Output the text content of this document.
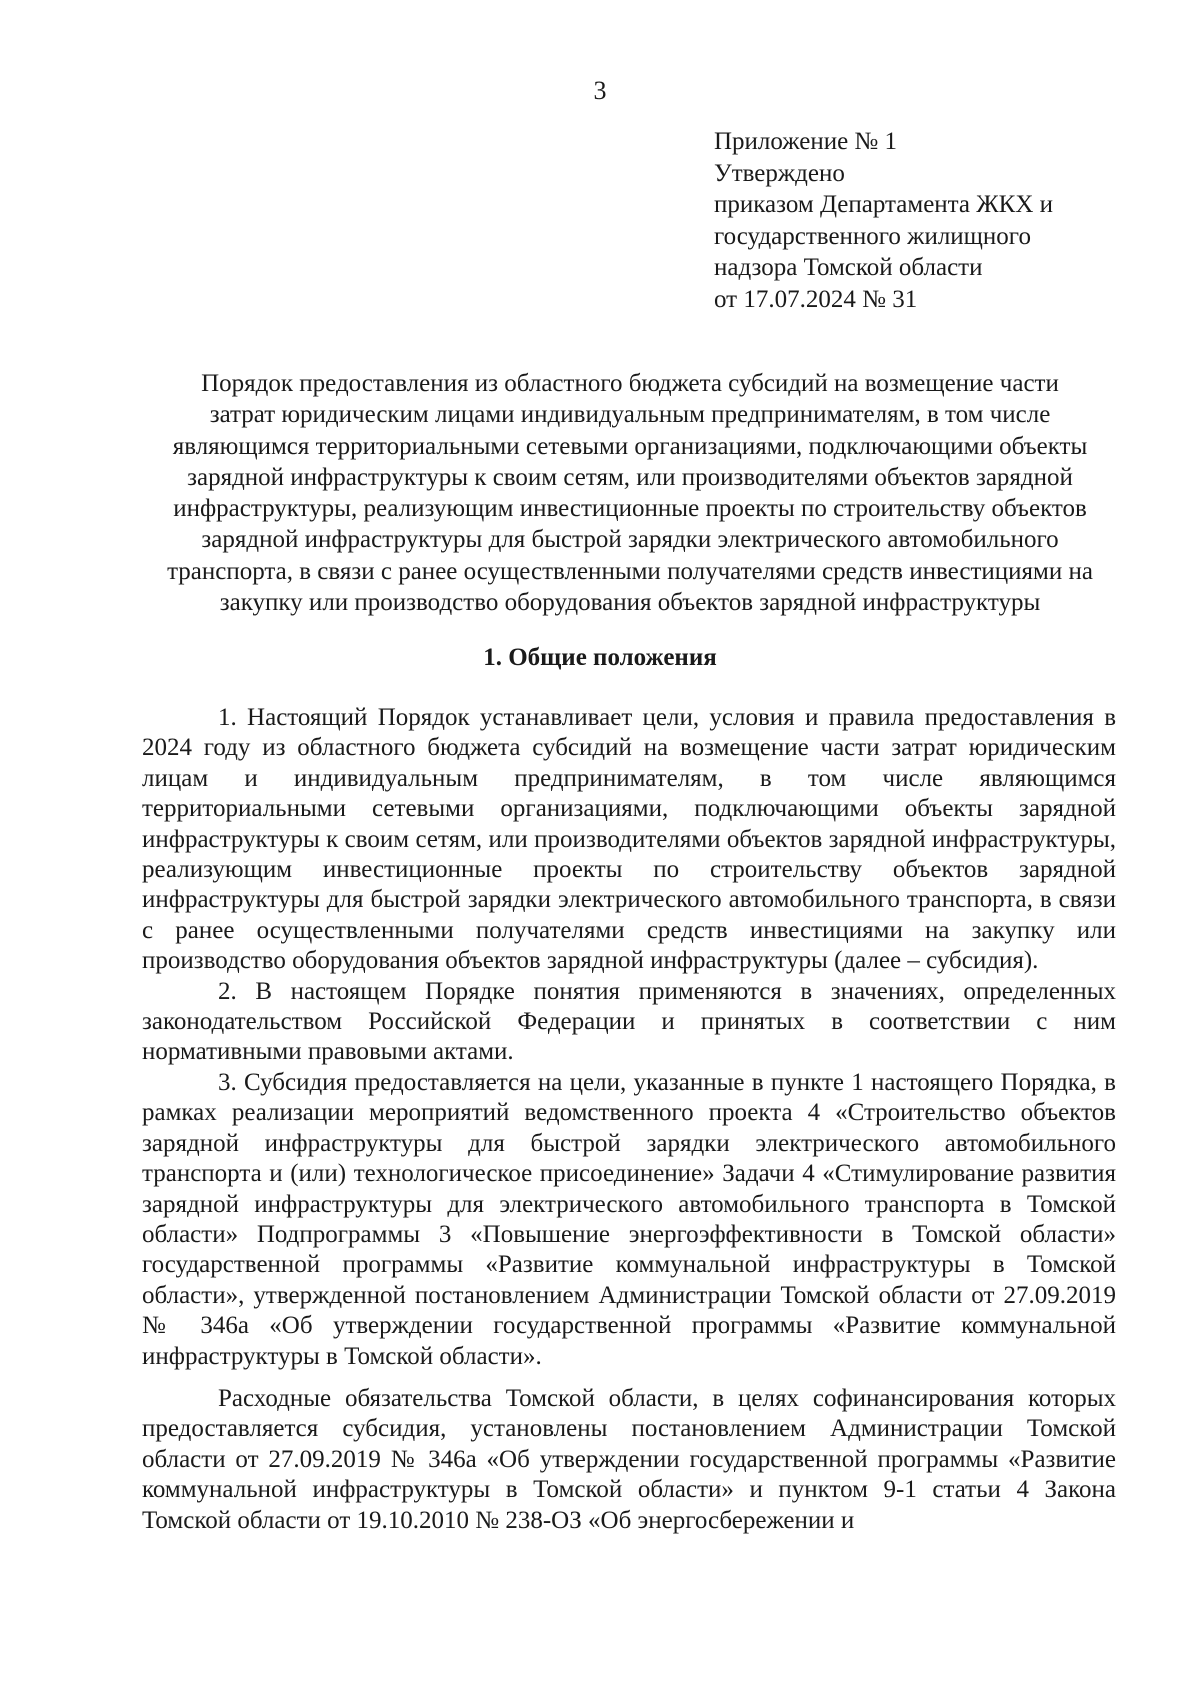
3
Приложение № 1
Утверждено
приказом Департамента ЖКХ и
государственного жилищного
надзора Томской области
от 17.07.2024 № 31
Порядок предоставления из областного бюджета субсидий на возмещение части
затрат юридическим лицами индивидуальным предпринимателям, в том числе
являющимся территориальными сетевыми организациями, подключающими объекты
зарядной инфраструктуры к своим сетям, или производителями объектов зарядной
инфраструктуры, реализующим инвестиционные проекты по строительству объектов
зарядной инфраструктуры для быстрой зарядки электрического автомобильного
транспорта, в связи с ранее осуществленными получателями средств инвестициями на
закупку или производство оборудования объектов зарядной инфраструктуры
1. Общие положения

1. Настоящий Порядок устанавливает цели, условия и правила предоставления в 2024 году из областного бюджета субсидий на возмещение части затрат юридическим лицам и индивидуальным предпринимателям, в том числе являющимся территориальными сетевыми организациями, подключающими объекты зарядной инфраструктуры к своим сетям, или производителями объектов зарядной инфраструктуры, реализующим инвестиционные проекты по строительству объектов зарядной инфраструктуры для быстрой зарядки электрического автомобильного транспорта, в связи с ранее осуществленными получателями средств инвестициями на закупку или производство оборудования объектов зарядной инфраструктуры (далее – субсидия).

2. В настоящем Порядке понятия применяются в значениях, определенных законодательством Российской Федерации и принятых в соответствии с ним нормативными правовыми актами.

3. Субсидия предоставляется на цели, указанные в пункте 1 настоящего Порядка, в рамках реализации мероприятий ведомственного проекта 4 «Строительство объектов зарядной инфраструктуры для быстрой зарядки электрического автомобильного транспорта и (или) технологическое присоединение» Задачи 4 «Стимулирование развития зарядной инфраструктуры для электрического автомобильного транспорта в Томской области» Подпрограммы 3 «Повышение энергоэффективности в Томской области» государственной программы «Развитие коммунальной инфраструктуры в Томской области», утвержденной постановлением Администрации Томской области от 27.09.2019 № 346а «Об утверждении государственной программы «Развитие коммунальной инфраструктуры в Томской области».

Расходные обязательства Томской области, в целях софинансирования которых предоставляется субсидия, установлены постановлением Администрации Томской области от 27.09.2019 № 346а «Об утверждении государственной программы «Развитие коммунальной инфраструктуры в Томской области» и пунктом 9-1 статьи 4 Закона Томской области от 19.10.2010 № 238-ОЗ «Об энергосбережении и
